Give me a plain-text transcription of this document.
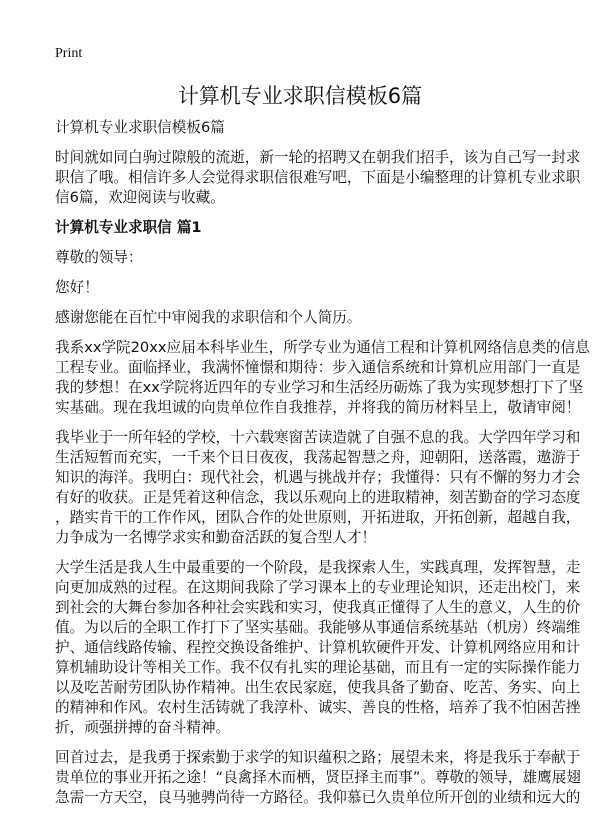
Print
计算机专业求职信模板6篇

计算机专业求职信模板6篇

时间就如同白驹过隙般的流逝，新一轮的招聘又在朝我们招手，该为自己写一封求
职信了哦。相信许多人会觉得求职信很难写吧，下面是小编整理的计算机专业求职
信6篇，欢迎阅读与收藏。

计算机专业求职信 篇1

尊敬的领导：

您好！

感谢您能在百忙中审阅我的求职信和个人简历。

我系xx学院20xx应届本科毕业生，所学专业为通信工程和计算机网络信息类的信息
工程专业。面临择业，我满怀憧憬和期待：步入通信系统和计算机应用部门一直是
我的梦想！在xx学院将近四年的专业学习和生活经历砺炼了我为实现梦想打下了坚
实基础。现在我坦诚的向贵单位作自我推荐，并将我的简历材料呈上，敬请审阅！

我毕业于一所年轻的学校，十六载寒窗苦读造就了自强不息的我。大学四年学习和
生活短暂而充实，一千来个日日夜夜，我荡起智慧之舟，迎朝阳，送落霞，遨游于
知识的海洋。我明白：现代社会，机遇与挑战并存；我懂得：只有不懈的努力才会
有好的收获。正是凭着这种信念，我以乐观向上的进取精神，刻苦勤奋的学习态度
，踏实肯干的工作作风，团队合作的处世原则，开拓进取，开拓创新，超越自我，
力争成为一名博学求实和勤奋活跃的复合型人才！

大学生活是我人生中最重要的一个阶段，是我探索人生，实践真理，发挥智慧，走
向更加成熟的过程。在这期间我除了学习课本上的专业理论知识，还走出校门，来
到社会的大舞台参加各种社会实践和实习，使我真正懂得了人生的意义，人生的价
值。为以后的全职工作打下了坚实基础。我能够从事通信系统基站（机房）终端维
护、通信线路传输、程控交换设备维护、计算机软硬件开发、计算机网络应用和计
算机辅助设计等相关工作。我不仅有扎实的理论基础，而且有一定的实际操作能力
以及吃苦耐劳团队协作精神。出生农民家庭，使我具备了勤奋、吃苦、务实、向上
的精神和作风。农村生活铸就了我淳朴、诚实、善良的性格，培养了我不怕困苦挫
折，顽强拼搏的奋斗精神。

回首过去，是我勇于探索勤于求学的知识蕴积之路；展望未来，将是我乐于奉献于
贵单位的事业开拓之途！“良禽择木而栖，贤臣择主而事”。尊敬的领导，雄鹰展翅
急需一方天空，良马驰骋尚待一方路径。我仰慕已久贵单位所开创的业绩和远大的
